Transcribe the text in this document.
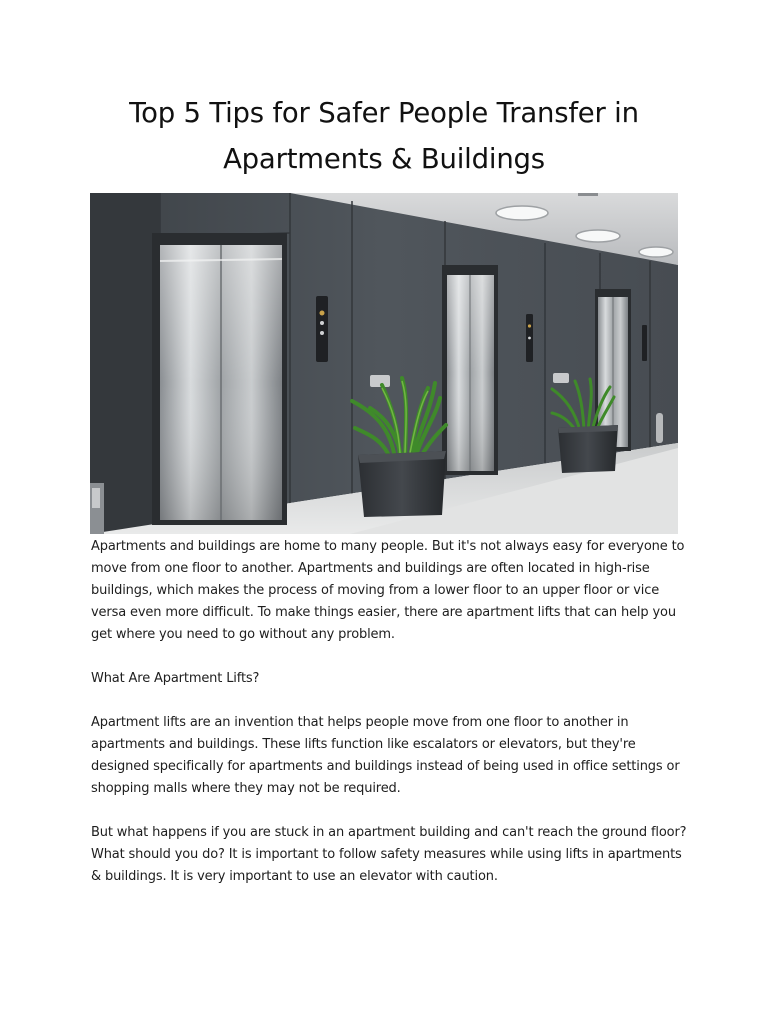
Top 5 Tips for Safer People Transfer in
Apartments & Buildings

Apartments and buildings are home to many people. But it's not always easy for everyone to move from one floor to another. Apartments and buildings are often located in high-rise buildings, which makes the process of moving from a lower floor to an upper floor or vice versa even more difficult. To make things easier, there are apartment lifts that can help you get where you need to go without any problem.

What Are Apartment Lifts?

Apartment lifts are an invention that helps people move from one floor to another in apartments and buildings. These lifts function like escalators or elevators, but they're designed specifically for apartments and buildings instead of being used in office settings or shopping malls where they may not be required.

But what happens if you are stuck in an apartment building and can't reach the ground floor? What should you do? It is important to follow safety measures while using lifts in apartments & buildings. It is very important to use an elevator with caution.
